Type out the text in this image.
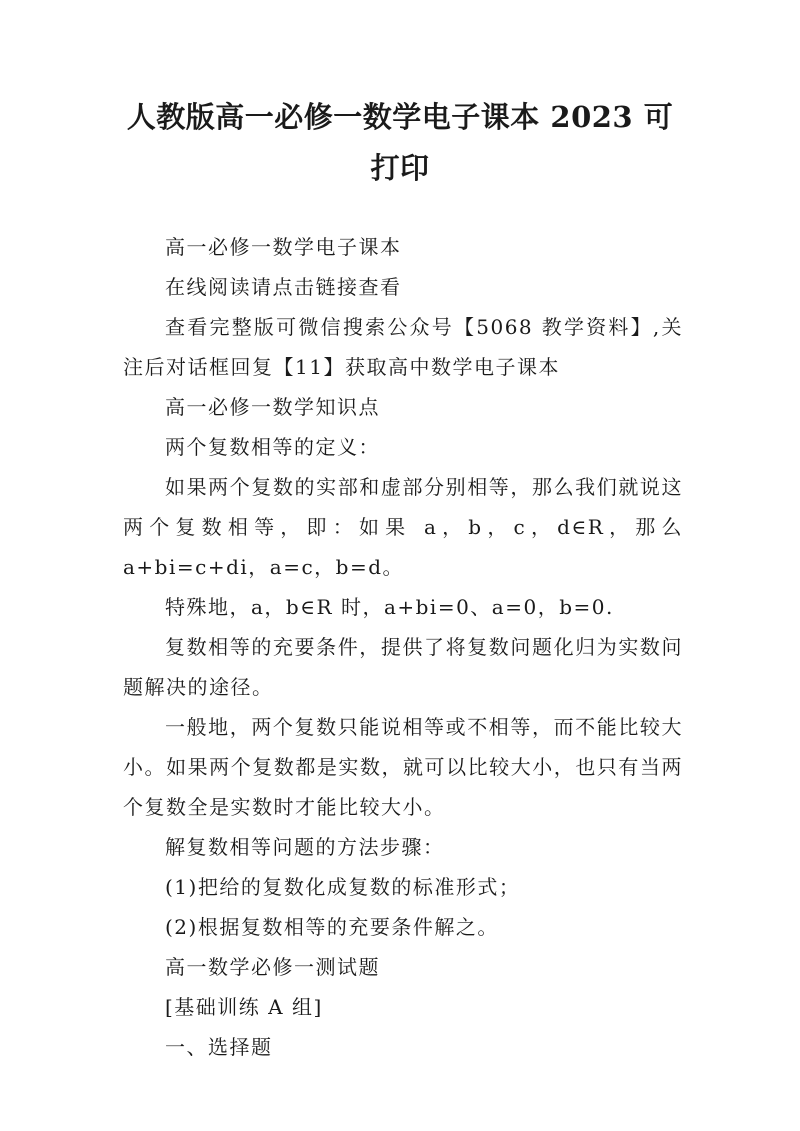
人教版高一必修一数学电子课本 2023 可打印

高一必修一数学电子课本

在线阅读请点击链接查看

查看完整版可微信搜索公众号【5068 教学资料】,关注后对话框回复【11】获取高中数学电子课本

高一必修一数学知识点

两个复数相等的定义：

如果两个复数的实部和虚部分别相等，那么我们就说这两个复数相等，即：如果 a，b，c，d∈R，那么 a+bi=c+di，a=c，b=d。

特殊地，a，b∈R 时，a+bi=0、a=0，b=0.

复数相等的充要条件，提供了将复数问题化归为实数问题解决的途径。

一般地，两个复数只能说相等或不相等，而不能比较大小。如果两个复数都是实数，就可以比较大小，也只有当两个复数全是实数时才能比较大小。

解复数相等问题的方法步骤：

(1)把给的复数化成复数的标准形式；

(2)根据复数相等的充要条件解之。

高一数学必修一测试题

[基础训练 A 组]

一、选择题
